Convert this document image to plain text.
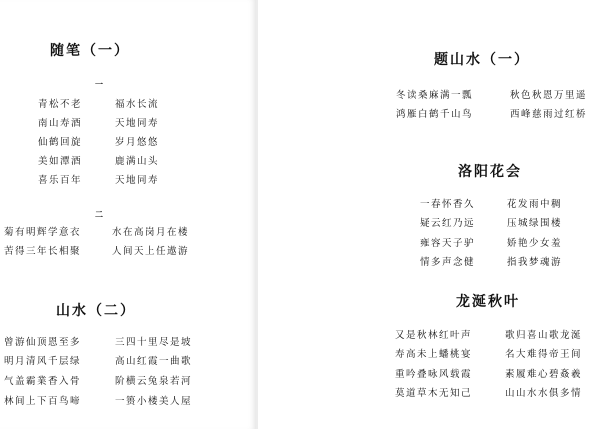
随笔（一）
一
青松不老	福水长流
南山寿酒	天地同寿
仙鹤回旋	岁月悠悠
美如潭酒	鹿满山头
喜乐百年	天地同寿
二
菊有明辉学意衣	水在高岗月在楼
苦得三年长相聚	人间天上任遨游
山水（二）
曾游仙顶恩至多	三四十里尽是坡
明月清风千层绿	高山红霞一曲歌
气盖霸業香入骨	阶横云兔泉若河
林间上下百鸟啼	一篑小楼美人屋
题山水（一）
冬读桑麻满一瓢	秋色秋恩万里遥
鸿雁白鹤千山鸟	西峰慈雨过红桥
洛阳花会
一春怀香久	花发雨中稠
疑云红乃远	压城绿围楼
雍容天子驴	娇艳少女羞
情多声念健	指我梦魂游
龙涎秋叶
又是秋林红叶声	歌归喜山歌龙涎
寿高未上蟠桃宴	名大难得帝王间
重吟叠咏风载霞	素履难心碧姦羲
莫道草木无知己	山山水水俱多情
